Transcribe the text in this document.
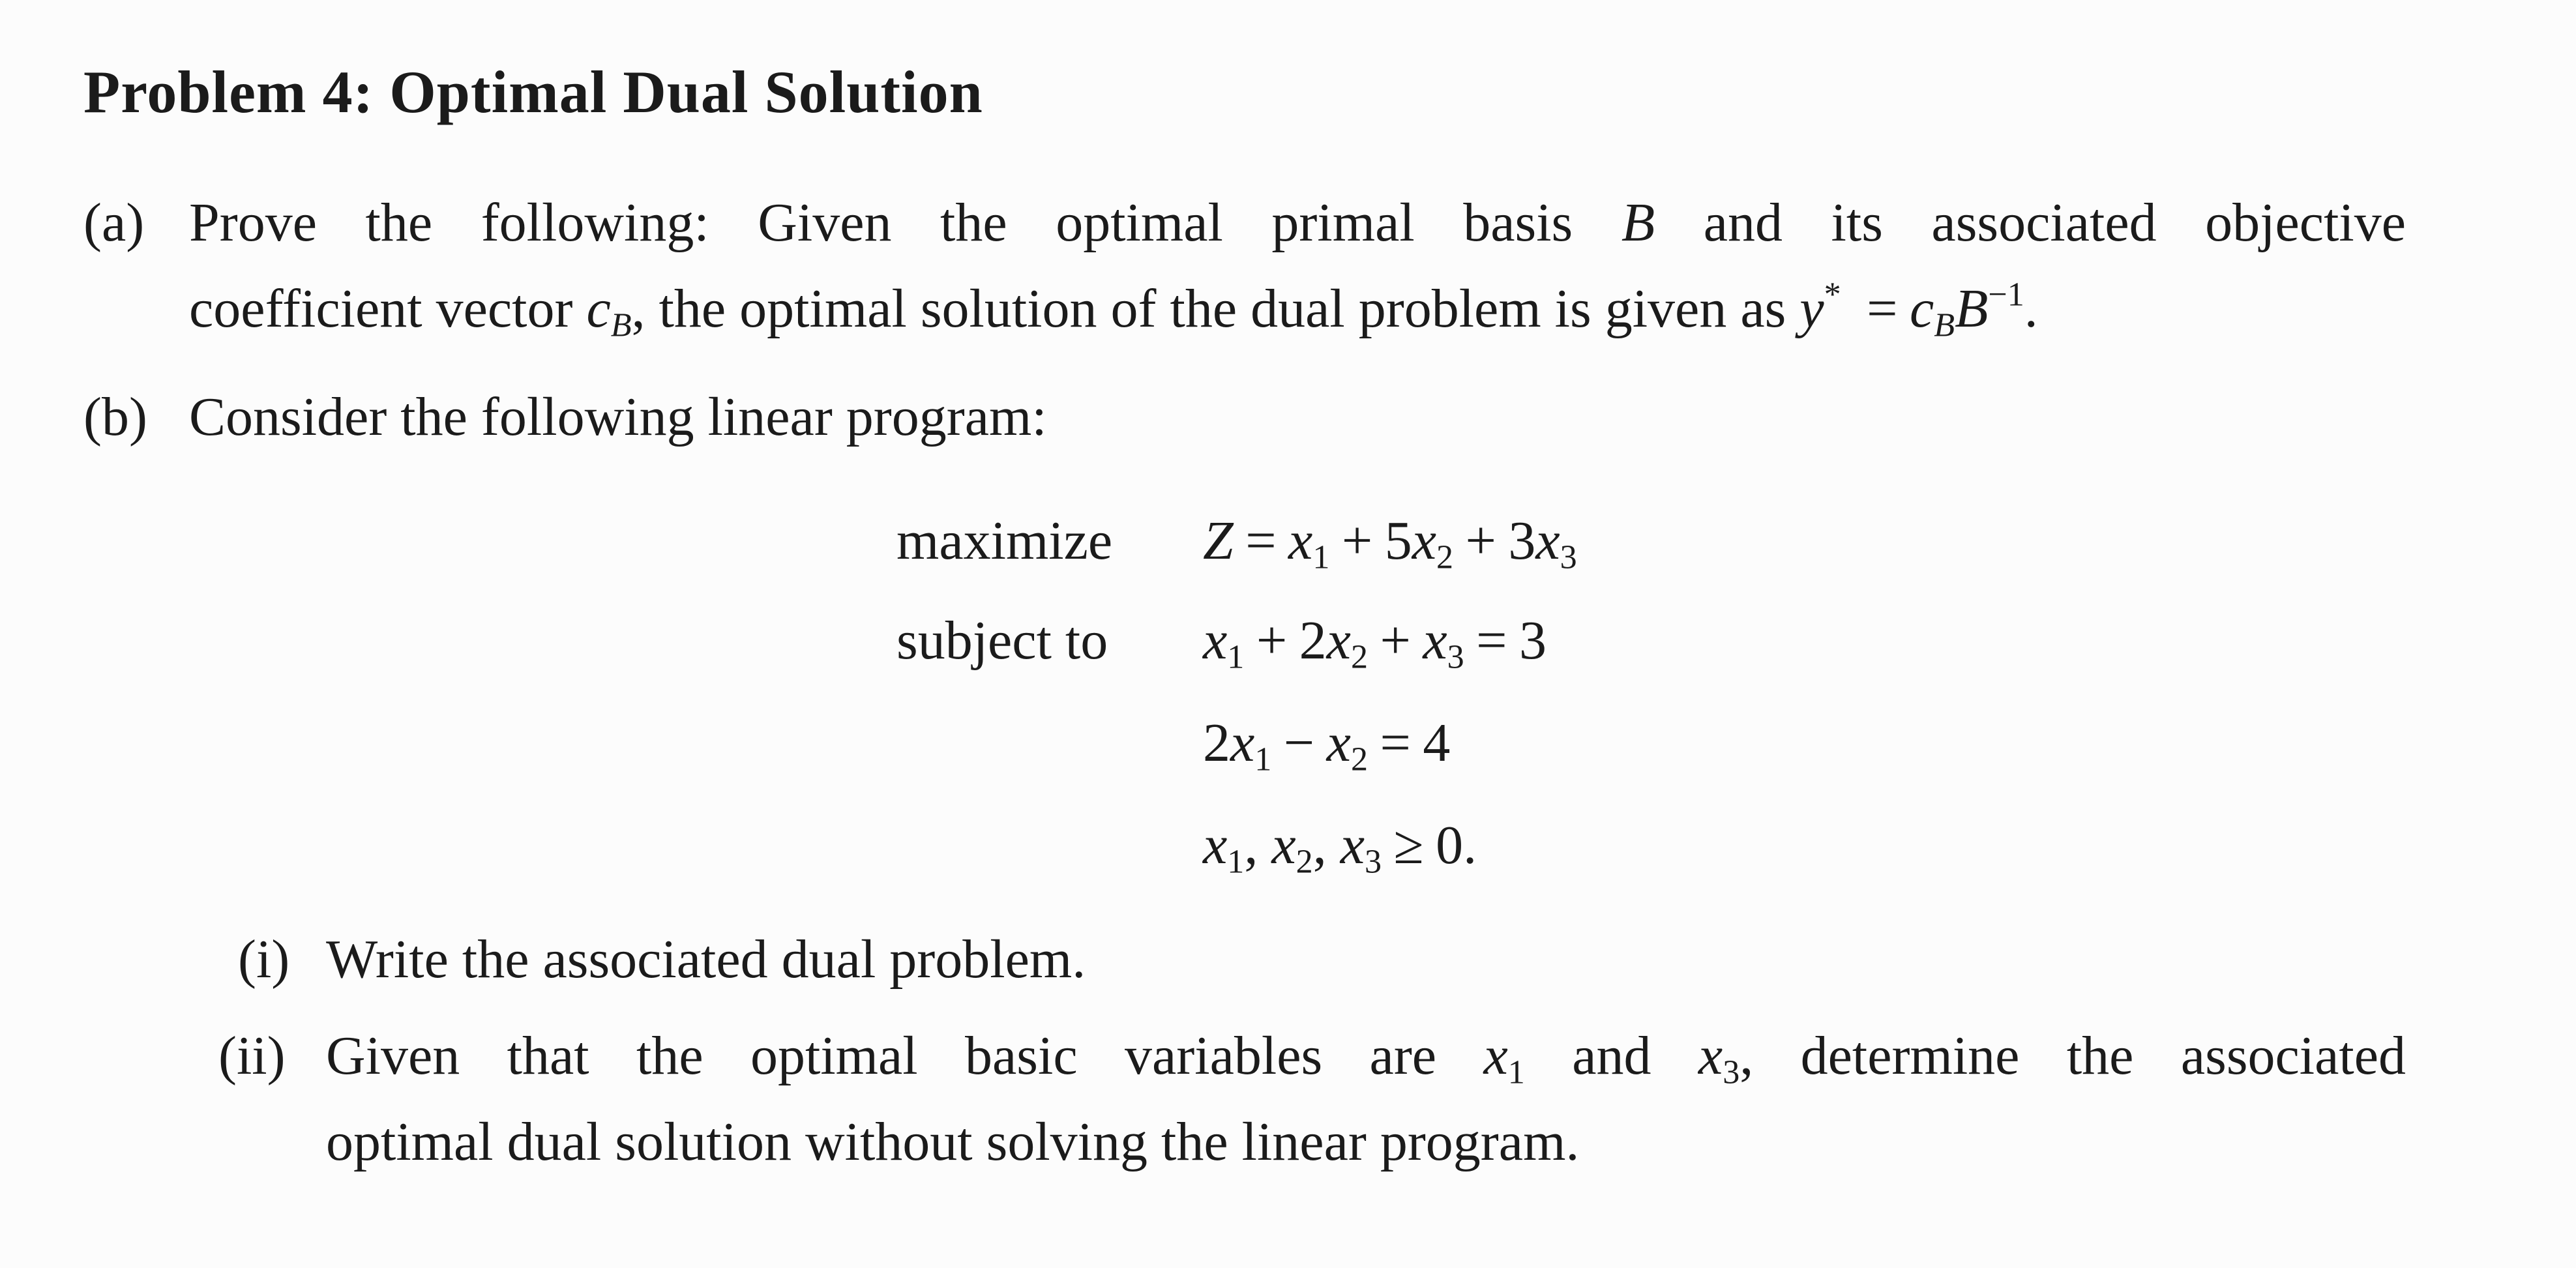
Problem 4: Optimal Dual Solution
(a) Prove the following: Given the optimal primal basis B and its associated objective
coefficient vector $c_B$, the optimal solution of the dual problem is given as $y^* = c_BB^{-1}$.
(b) Consider the following linear program:
maximize $Z = x_1 + 5x_2 + 3x_3$
subject to $x_1 + 2x_2 + x_3 = 3$
$2x_1 - x_2 = 4$
$x_1$, $x_2$, $x_3 \ge 0$.
(i) Write the associated dual problem.
(ii) Given that the optimal basic variables are $x_1$ and $x_3$, determine the associated
optimal dual solution without solving the linear program.
